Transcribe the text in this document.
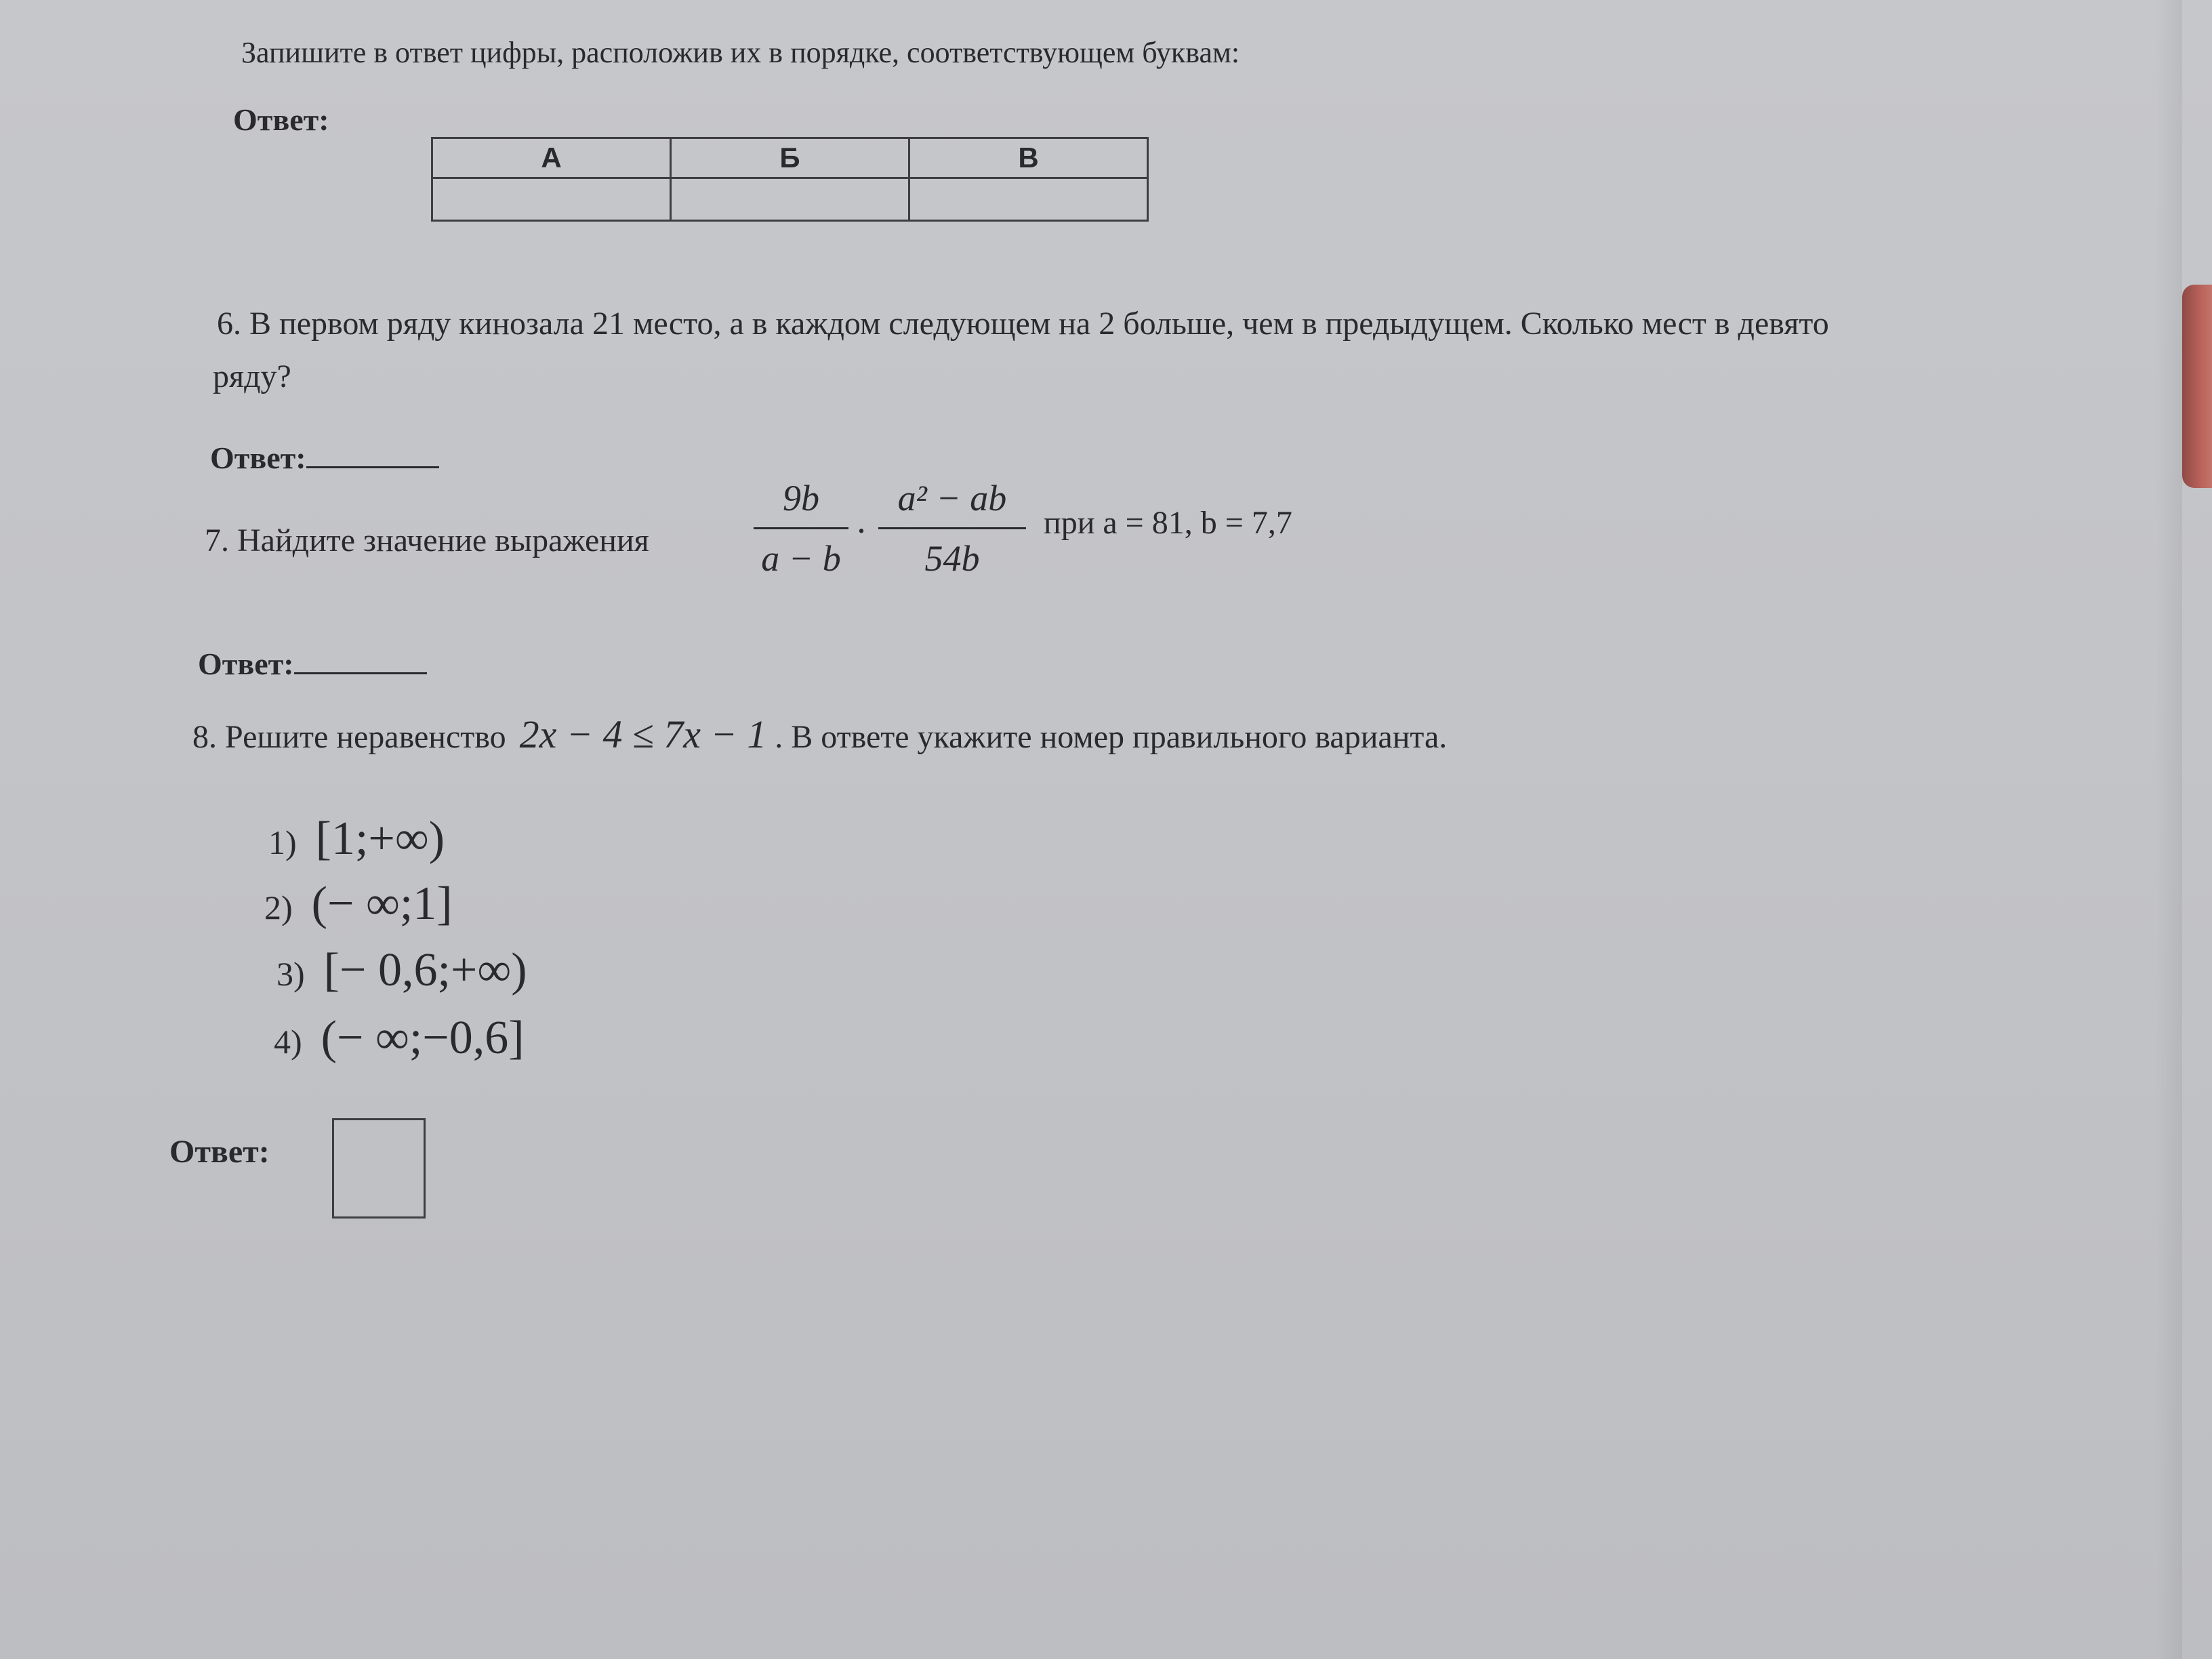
Запишите в ответ цифры, расположив их в порядке, соответствующем буквам:
Ответ:
А	Б	В

6. В первом ряду кинозала 21 место, а в каждом следующем на 2 больше, чем в предыдущем. Сколько мест в девято
ряду?
Ответ:
7. Найдите значение выражения
9b
a − b
·
a² − ab
54b
при a = 81, b = 7,7
Ответ:
8. Решите неравенство 2x − 4 ≤ 7x − 1 . В ответе укажите номер правильного варианта.
1) [1;+∞)
2) (− ∞;1]
3) [− 0,6;+∞)
4) (− ∞;−0,6]
Ответ:
